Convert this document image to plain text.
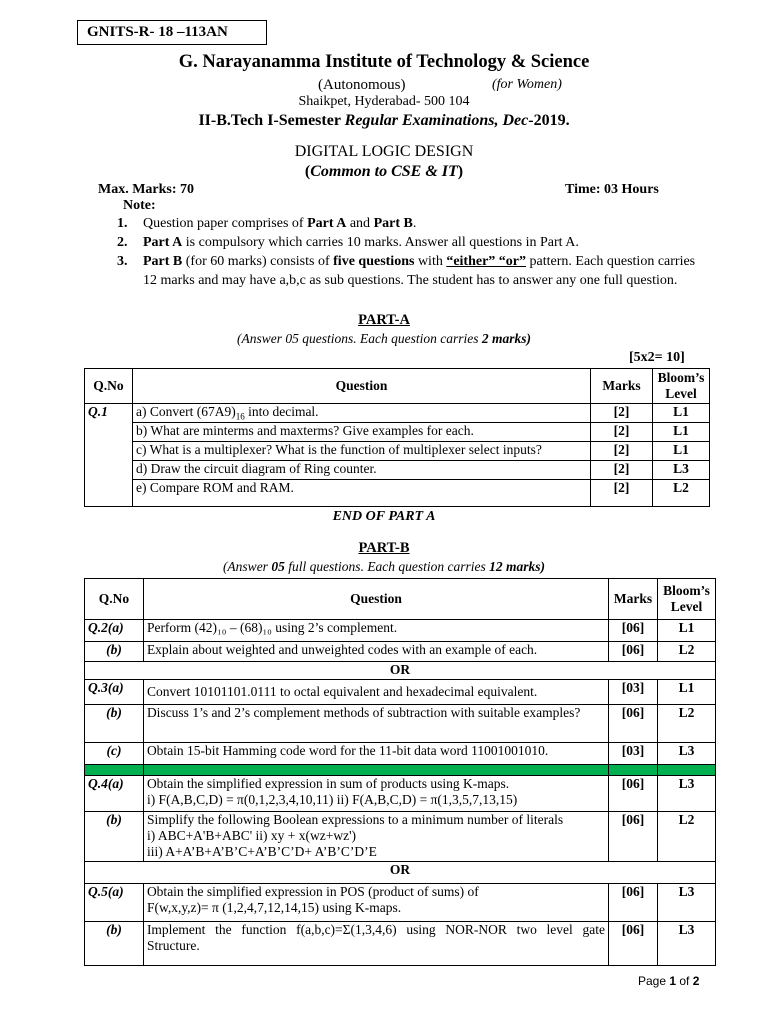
GNITS-R- 18 –113AN
G. Narayanamma Institute of Technology & Science
(Autonomous)	(for Women)
Shaikpet, Hyderabad- 500 104
II-B.Tech I-Semester Regular Examinations, Dec-2019.
DIGITAL LOGIC DESIGN
(Common to CSE & IT)
Max. Marks: 70	Time: 03 Hours
Note:
1. Question paper comprises of Part A and Part B.
2. Part A is compulsory which carries 10 marks. Answer all questions in Part A.
3. Part B (for 60 marks) consists of five questions with “either” “or” pattern. Each question carries 12 marks and may have a,b,c as sub questions. The student has to answer any one full question.
PART-A
(Answer 05 questions. Each question carries 2 marks)
[5x2= 10]
Q.No	Question	Marks	Bloom’s Level
Q.1	a) Convert $(67A9)_{16}$ into decimal.	[2]	L1
	b) What are minterms and maxterms? Give examples for each.	[2]	L1
	c) What is a multiplexer? What is the function of multiplexer select inputs?	[2]	L1
	d) Draw the circuit diagram of Ring counter.	[2]	L3
	e) Compare ROM and RAM.	[2]	L2
END OF PART A
PART-B
(Answer 05 full questions. Each question carries 12 marks)
Q.No	Question	Marks	Bloom’s Level
Q.2(a)	Perform (42)₁₀ – (68)₁₀ using 2’s complement.	[06]	L1
(b)	Explain about weighted and unweighted codes with an example of each.	[06]	L2
OR			
Q.3(a)	Convert 10101101.0111 to octal equivalent and hexadecimal equivalent.	[03]	L1
(b)	Discuss 1’s and 2’s complement methods of subtraction with suitable examples?	[06]	L2
(c)	Obtain 15-bit Hamming code word for the 11-bit data word 11001001010.	[03]	L3

Q.4(a)	Obtain the simplified expression in sum of products using K-maps.
i) F(A,B,C,D) = π(0,1,2,3,4,10,11) ii) F(A,B,C,D) = π(1,3,5,7,13,15)	[06]	L3
(b)	Simplify the following Boolean expressions to a minimum number of literals
i) ABC+A'B+ABC' ii) xy + x(wz+wz')
iii) A+A’B+A’B’C+A’B’C’D+ A’B’C’D’E	[06]	L2
OR			
Q.5(a)	Obtain the simplified expression in POS (product of sums) of
F(w,x,y,z)= π (1,2,4,7,12,14,15) using K-maps.	[06]	L3
(b)	Implement the function f(a,b,c)=Σ(1,3,4,6) using NOR-NOR two level gate Structure.	[06]	L3
Page 1 of 2
